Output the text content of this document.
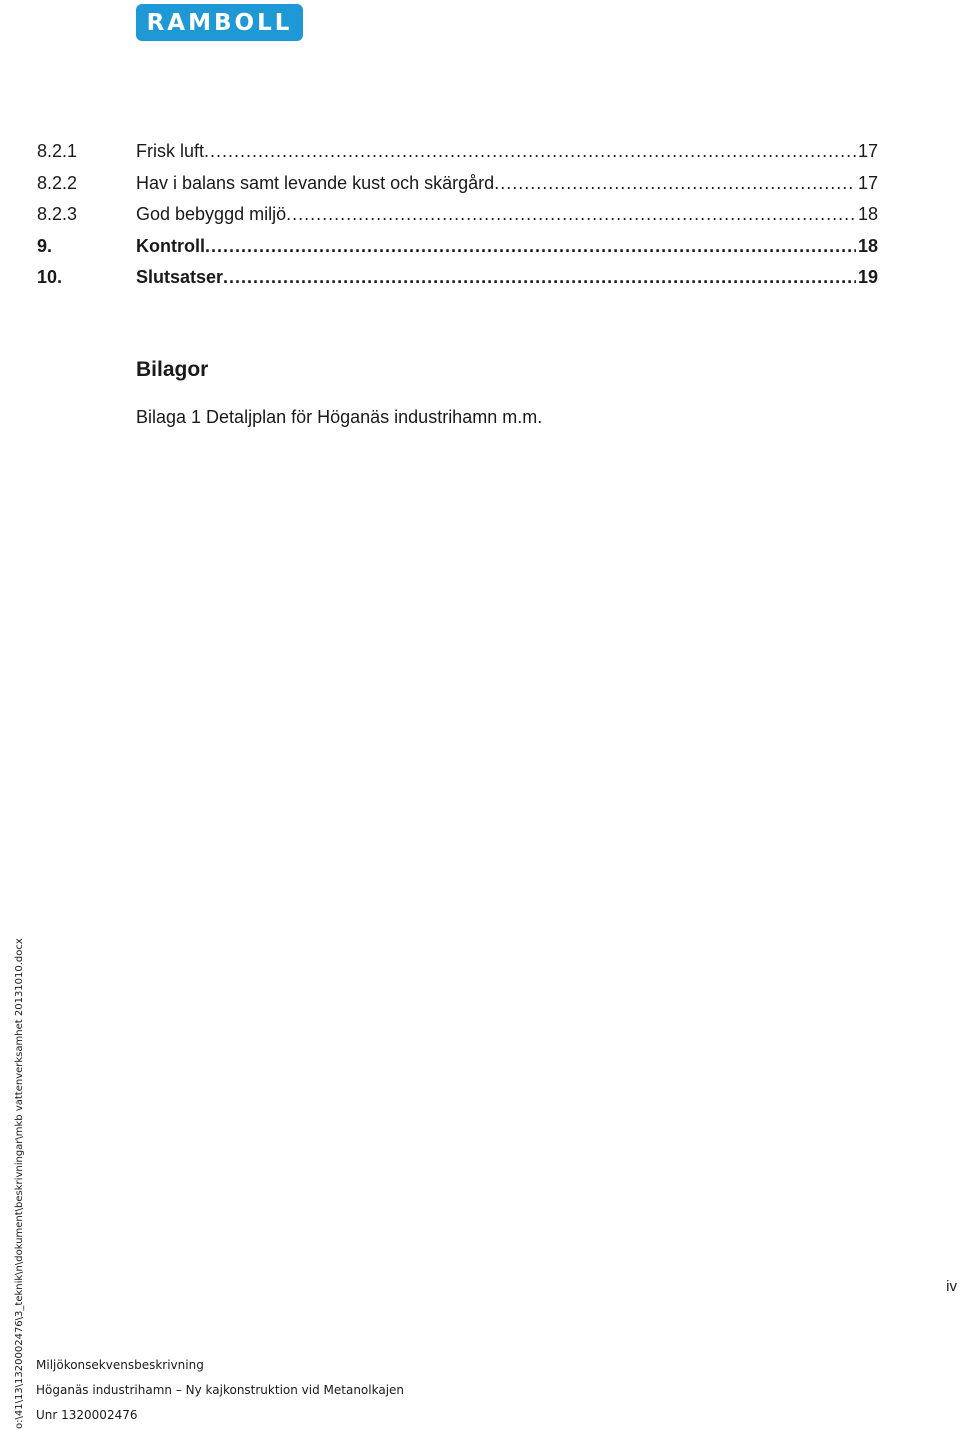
RAMBOLL
8.2.1	Frisk luft .....	17
8.2.2	Hav i balans samt levande kust och skärgård .....	17
8.2.3	God bebyggd miljö .....	18
9.	Kontroll .....	18
10.	Slutsatser .....	19
Bilagor
Bilaga 1 Detaljplan för Höganäs industrihamn m.m.
o:\41\13\1320002476\3_teknik\n\dokument\beskrivningar\mkb vattenverksamhet 20131010.docx	iv
Miljökonsekvensbeskrivning
Höganäs industrihamn – Ny kajkonstruktion vid Metanolkajen
Unr 1320002476
